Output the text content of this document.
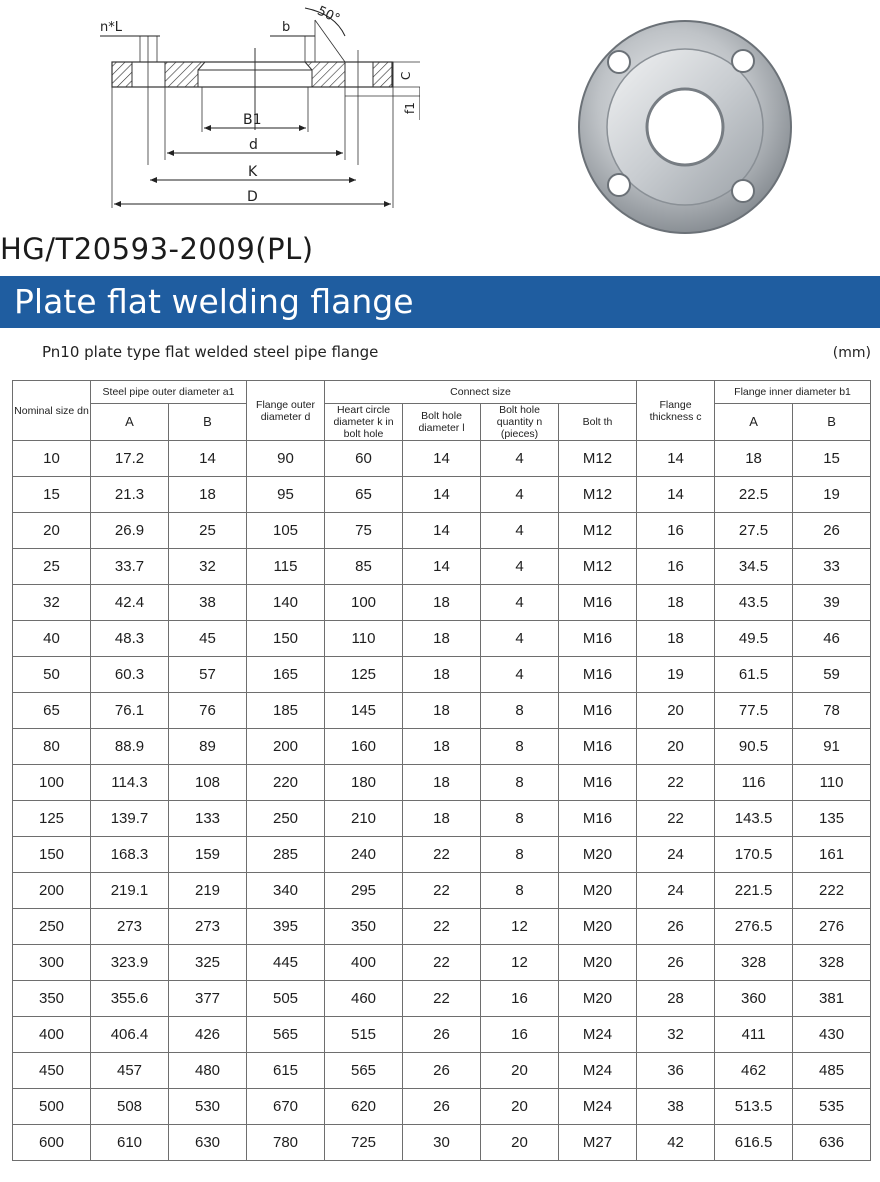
n*L	b
50°
C
f1
B1
d
K
D
HG/T20593-2009(PL)
Plate flat welding flange
Pn10 plate type flat welded steel pipe flange	(mm)
Nominal size dn	Steel pipe outer diameter a1		Flange outer diameter d	Connect size				Flange thickness c	Flange inner diameter b1	
				Heart circle diameter k in bolt hole	Bolt hole diameter l	Bolt hole quantity n (pieces)	Bolt th			
	A	B							A	B
10	17.2	14	90	60	14	4	M12	14	18	15
15	21.3	18	95	65	14	4	M12	14	22.5	19
20	26.9	25	105	75	14	4	M12	16	27.5	26
25	33.7	32	115	85	14	4	M12	16	34.5	33
32	42.4	38	140	100	18	4	M16	18	43.5	39
40	48.3	45	150	110	18	4	M16	18	49.5	46
50	60.3	57	165	125	18	4	M16	19	61.5	59
65	76.1	76	185	145	18	8	M16	20	77.5	78
80	88.9	89	200	160	18	8	M16	20	90.5	91
100	114.3	108	220	180	18	8	M16	22	116	110
125	139.7	133	250	210	18	8	M16	22	143.5	135
150	168.3	159	285	240	22	8	M20	24	170.5	161
200	219.1	219	340	295	22	8	M20	24	221.5	222
250	273	273	395	350	22	12	M20	26	276.5	276
300	323.9	325	445	400	22	12	M20	26	328	328
350	355.6	377	505	460	22	16	M20	28	360	381
400	406.4	426	565	515	26	16	M24	32	411	430
450	457	480	615	565	26	20	M24	36	462	485
500	508	530	670	620	26	20	M24	38	513.5	535
600	610	630	780	725	30	20	M27	42	616.5	636
